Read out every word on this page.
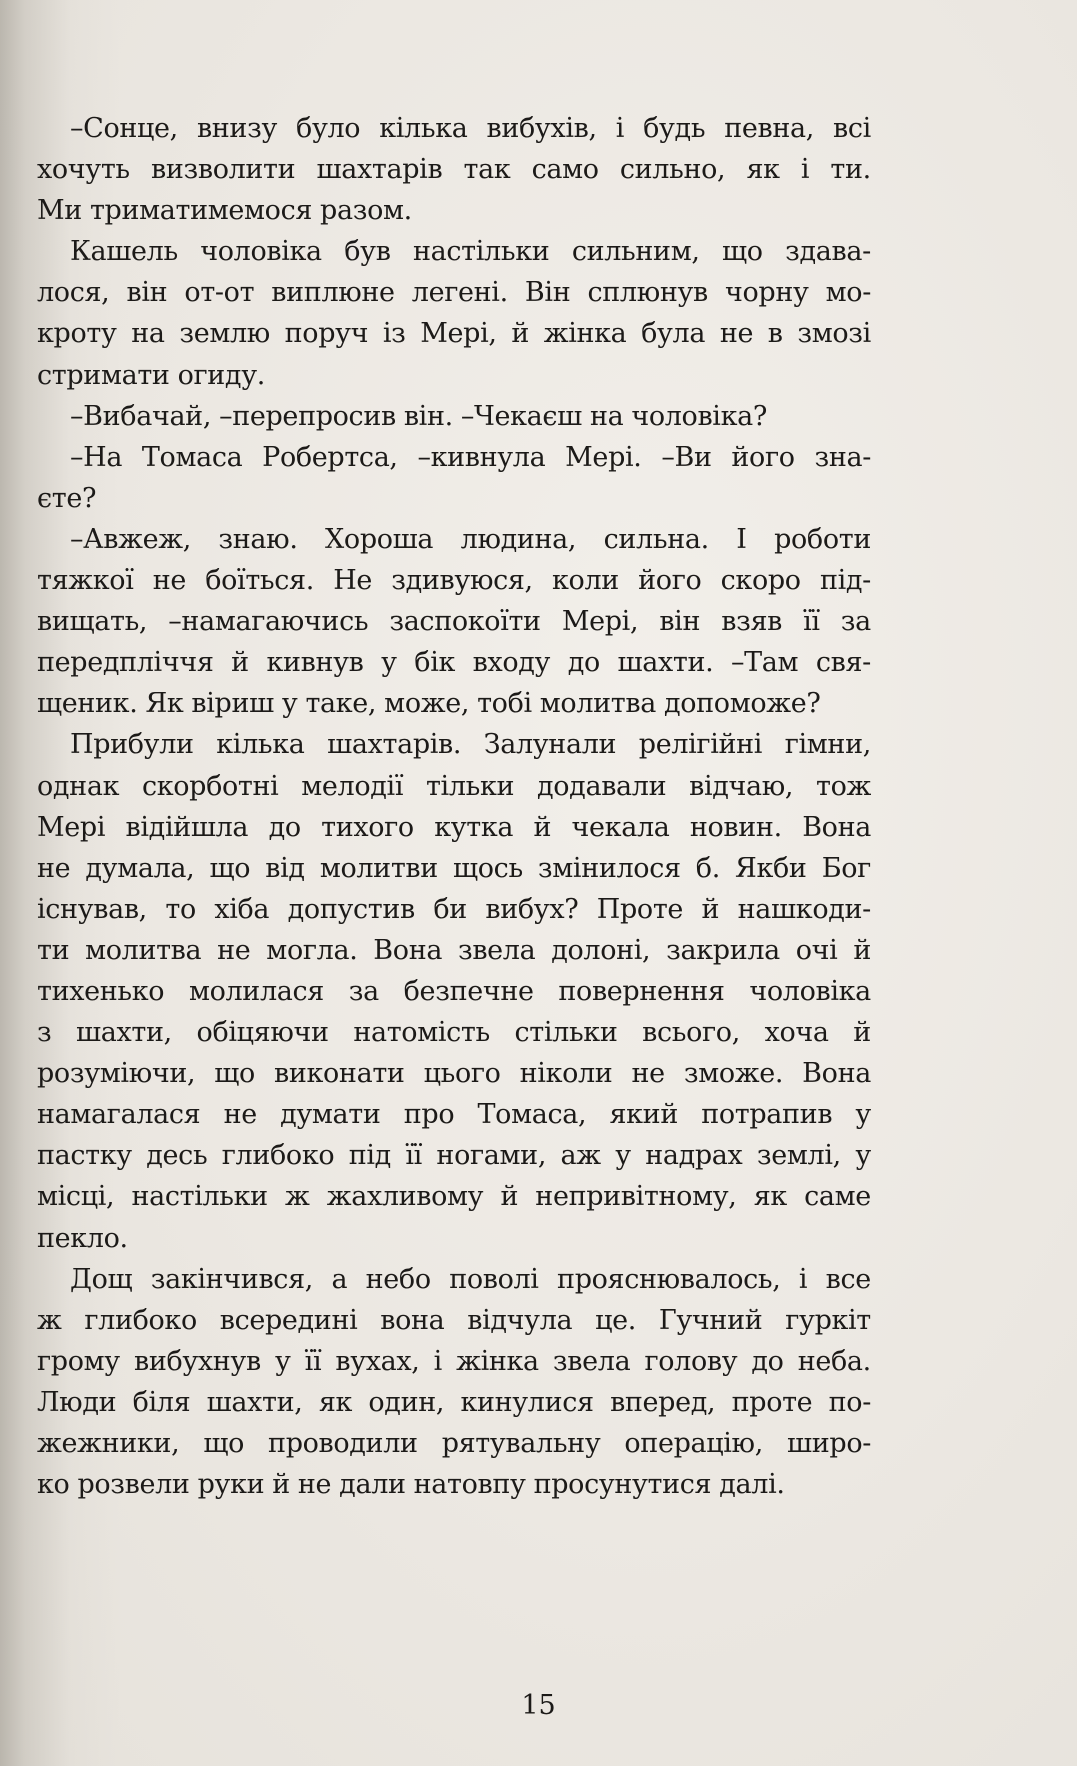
–Сонце, внизу було кілька вибухів, і будь певна, всі
хочуть визволити шахтарів так само сильно, як і ти.
Ми триматимемося разом.
Кашель чоловіка був настільки сильним, що здава-
лося, він от-от виплюне легені. Він сплюнув чорну мо-
кроту на землю поруч із Мері, й жінка була не в змозі
стримати огиду.
–Вибачай, –перепросив він. –Чекаєш на чоловіка?
–На Томаса Робертса, –кивнула Мері. –Ви його зна-
єте?
–Авжеж, знаю. Хороша людина, сильна. І роботи
тяжкої не боїться. Не здивуюся, коли його скоро під-
вищать, –намагаючись заспокоїти Мері, він взяв її за
передпліччя й кивнув у бік входу до шахти. –Там свя-
щеник. Як віриш у таке, може, тобі молитва допоможе?
Прибули кілька шахтарів. Залунали релігійні гімни,
однак скорботні мелодії тільки додавали відчаю, тож
Мері відійшла до тихого кутка й чекала новин. Вона
не думала, що від молитви щось змінилося б. Якби Бог
існував, то хіба допустив би вибух? Проте й нашкоди-
ти молитва не могла. Вона звела долоні, закрила очі й
тихенько молилася за безпечне повернення чоловіка
з шахти, обіцяючи натомість стільки всього, хоча й
розуміючи, що виконати цього ніколи не зможе. Вона
намагалася не думати про Томаса, який потрапив у
пастку десь глибоко під її ногами, аж у надрах землі, у
місці, настільки ж жахливому й непривітному, як саме
пекло.
Дощ закінчився, а небо поволі прояснювалось, і все
ж глибоко всередині вона відчула це. Гучний гуркіт
грому вибухнув у її вухах, і жінка звела голову до неба.
Люди біля шахти, як один, кинулися вперед, проте по-
жежники, що проводили рятувальну операцію, широ-
ко розвели руки й не дали натовпу просунутися далі.
15
